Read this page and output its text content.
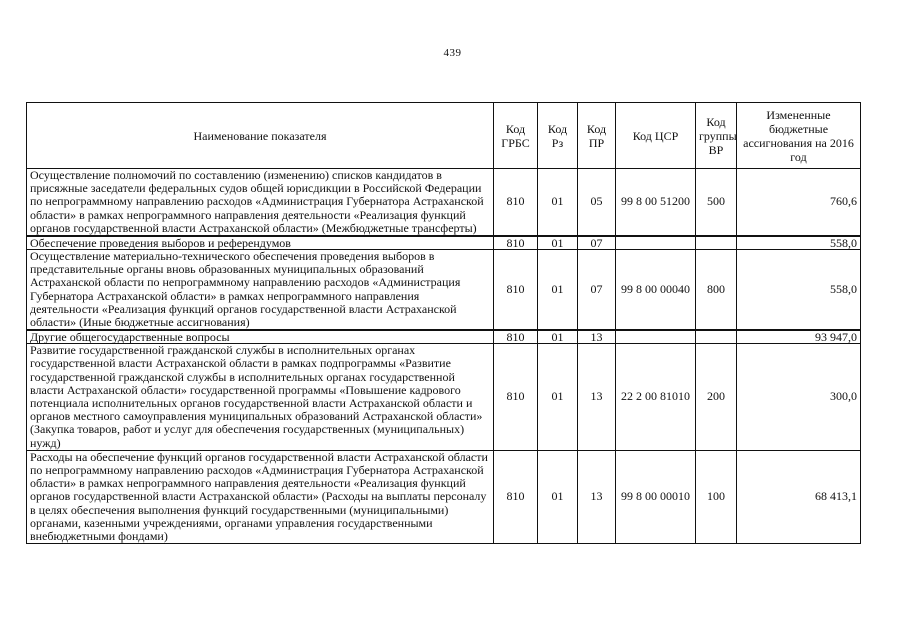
439
Наименование показателя	Код ГРБС	Код Рз	Код ПР	Код ЦСР	Код группы ВР	Измененные бюджетные ассигнования на 2016 год
Осуществление полномочий по составлению (изменению) списков кандидатов в присяжные заседатели федеральных судов общей юрисдикции в Российской Федерации по непрограммному направлению расходов «Администрация Губернатора Астраханской области» в рамках непрограммного направления деятельности «Реализация функций органов государственной власти Астраханской области» (Межбюджетные трансферты)	810	01	05	99 8 00 51200	500	760,6
Обеспечение проведения выборов и референдумов	810	01	07			558,0
Осуществление материально-технического обеспечения проведения выборов в представительные органы вновь образованных муниципальных образований Астраханской области по непрограммному направлению расходов «Администрация Губернатора Астраханской области» в рамках непрограммного направления деятельности «Реализация функций органов государственной власти Астраханской области» (Иные бюджетные ассигнования)	810	01	07	99 8 00 00040	800	558,0
Другие общегосударственные вопросы	810	01	13			93 947,0
Развитие государственной гражданской службы в исполнительных органах государственной власти Астраханской области в рамках подпрограммы «Развитие государственной гражданской службы в исполнительных органах государственной власти Астраханской области» государственной программы «Повышение кадрового потенциала исполнительных органов государственной власти Астраханской области и органов местного самоуправления муниципальных образований Астраханской области» (Закупка товаров, работ и услуг для обеспечения государственных (муниципальных) нужд)	810	01	13	22 2 00 81010	200	300,0
Расходы на обеспечение функций органов государственной власти Астраханской области по непрограммному направлению расходов «Администрация Губернатора Астраханской области» в рамках непрограммного направления деятельности «Реализация функций органов государственной власти Астраханской области» (Расходы на выплаты персоналу в целях обеспечения выполнения функций государственными (муниципальными) органами, казенными учреждениями, органами управления государственными внебюджетными фондами)	810	01	13	99 8 00 00010	100	68 413,1
